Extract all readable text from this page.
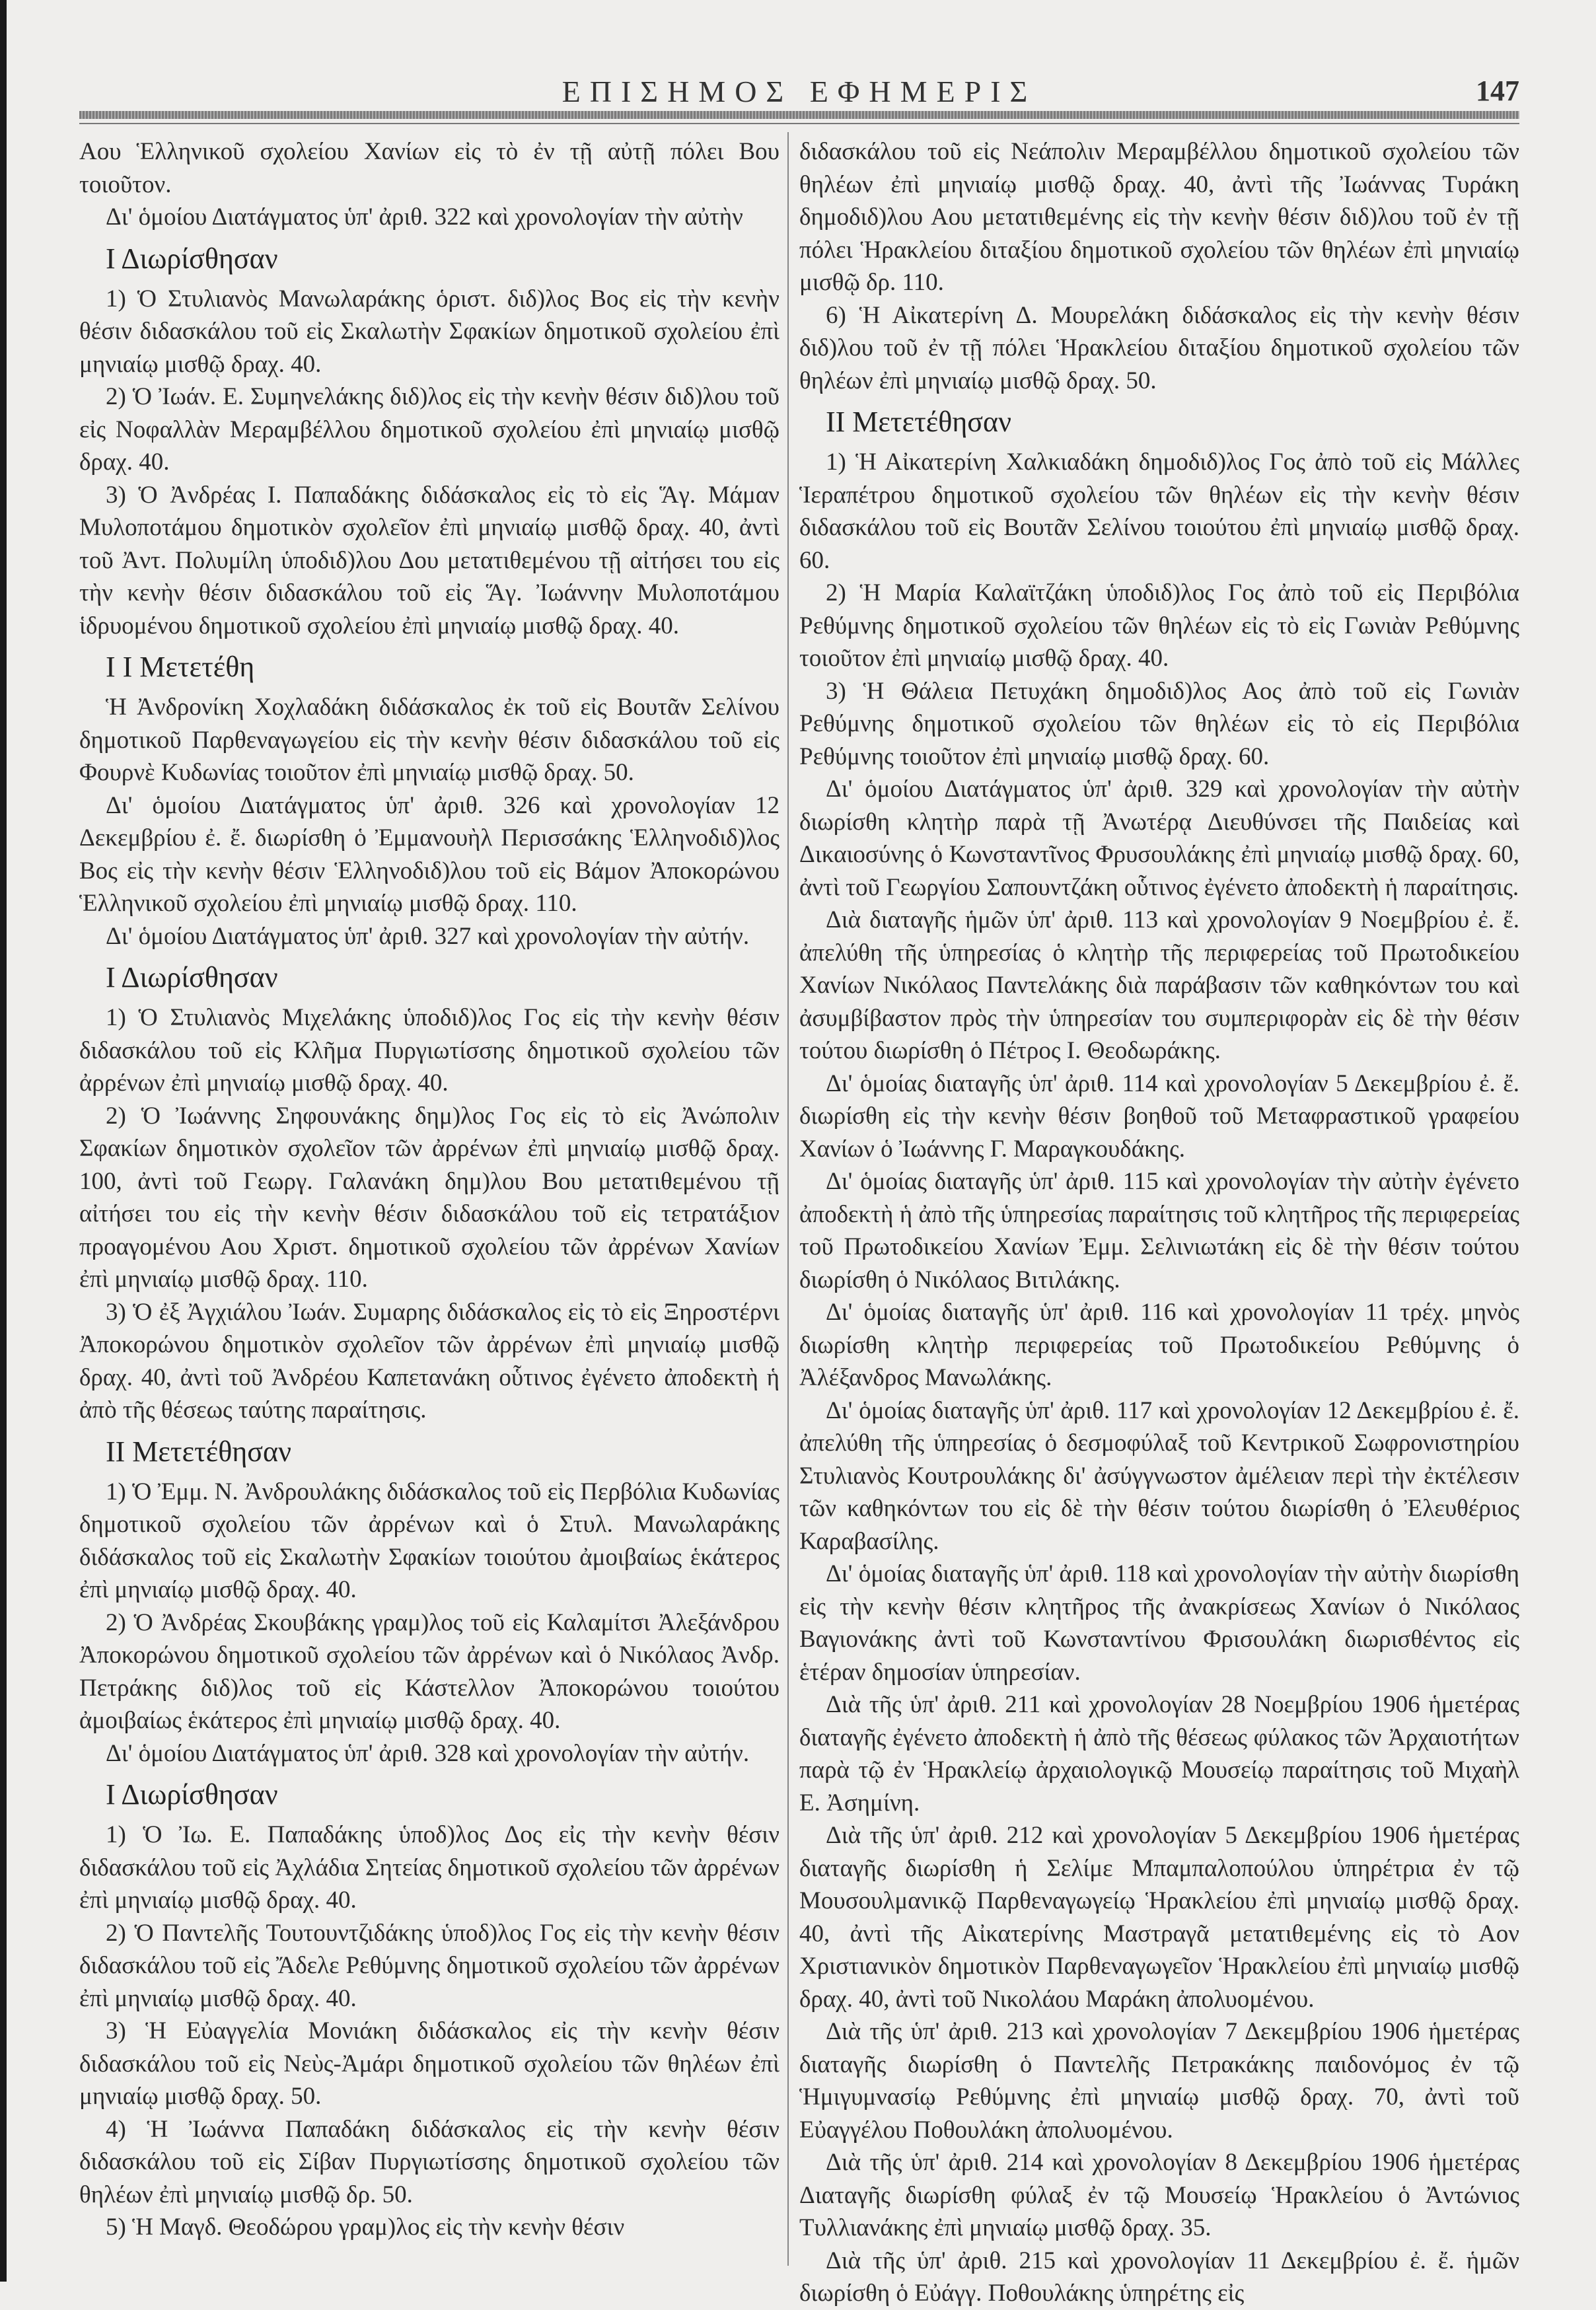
ΕΠΙΣΗΜΟΣ ΕΦΗΜΕΡΙΣ	147

Αου Ἑλληνικοῦ σχολείου Χανίων εἰς τὸ ἐν τῇ αὐτῇ πόλει Βου τοιοῦτον.

Δι' ὁμοίου Διατάγματος ὑπ' ἀριθ. 322 καὶ χρονολογίαν τὴν αὐτὴν

Ι Διωρίσθησαν

1) Ὁ Στυλιανὸς Μανωλαράκης ὁριστ. διδ)λος Βος εἰς τὴν κενὴν θέσιν διδασκάλου τοῦ εἰς Σκαλωτὴν Σφακίων δημοτικοῦ σχολείου ἐπὶ μηνιαίῳ μισθῷ δραχ. 40.

2) Ὁ Ἰωάν. Ε. Συμηνελάκης διδ)λος εἰς τὴν κενὴν θέσιν διδ)λου τοῦ εἰς Νοφαλλὰν Μεραμβέλλου δημοτικοῦ σχολείου ἐπὶ μηνιαίῳ μισθῷ δραχ. 40.

3) Ὁ Ἀνδρέας Ι. Παπαδάκης διδάσκαλος εἰς τὸ εἰς Ἅγ. Μάμαν Μυλοποτάμου δημοτικὸν σχολεῖον ἐπὶ μηνιαίῳ μισθῷ δραχ. 40, ἀντὶ τοῦ Ἀντ. Πολυμίλη ὑποδιδ)λου Δου μετατιθεμένου τῇ αἰτήσει του εἰς τὴν κενὴν θέσιν διδασκάλου τοῦ εἰς Ἅγ. Ἰωάννην Μυλοποτάμου ἱδρυομένου δημοτικοῦ σχολείου ἐπὶ μηνιαίῳ μισθῷ δραχ. 40.

Ι Ι Μετετέθη

Ἡ Ἀνδρονίκη Χοχλαδάκη διδάσκαλος ἐκ τοῦ εἰς Βουτᾶν Σελίνου δημοτικοῦ Παρθεναγωγείου εἰς τὴν κενὴν θέσιν διδασκάλου τοῦ εἰς Φουρνὲ Κυδωνίας τοιοῦτον ἐπὶ μηνιαίῳ μισθῷ δραχ. 50.

Δι' ὁμοίου Διατάγματος ὑπ' ἀριθ. 326 καὶ χρονολογίαν 12 Δεκεμβρίου ἐ. ἔ. διωρίσθη ὁ Ἐμμανουὴλ Περισσάκης Ἑλληνοδιδ)λος Βος εἰς τὴν κενὴν θέσιν Ἑλληνοδιδ)λου τοῦ εἰς Βάμον Ἀποκορώνου Ἑλληνικοῦ σχολείου ἐπὶ μηνιαίῳ μισθῷ δραχ. 110.

Δι' ὁμοίου Διατάγματος ὑπ' ἀριθ. 327 καὶ χρονολογίαν τὴν αὐτήν.

Ι Διωρίσθησαν

1) Ὁ Στυλιανὸς Μιχελάκης ὑποδιδ)λος Γος εἰς τὴν κενὴν θέσιν διδασκάλου τοῦ εἰς Κλῆμα Πυργιωτίσσης δημοτικοῦ σχολείου τῶν ἀρρένων ἐπὶ μηνιαίῳ μισθῷ δραχ. 40.

2) Ὁ Ἰωάννης Σηφουνάκης δημ)λος Γος εἰς τὸ εἰς Ἀνώπολιν Σφακίων δημοτικὸν σχολεῖον τῶν ἀρρένων ἐπὶ μηνιαίῳ μισθῷ δραχ. 100, ἀντὶ τοῦ Γεωργ. Γαλανάκη δημ)λου Βου μετατιθεμένου τῇ αἰτήσει του εἰς τὴν κενὴν θέσιν διδασκάλου τοῦ εἰς τετρατάξιον προαγομένου Αου Χριστ. δημοτικοῦ σχολείου τῶν ἀρρένων Χανίων ἐπὶ μηνιαίῳ μισθῷ δραχ. 110.

3) Ὁ ἐξ Ἀγχιάλου Ἰωάν. Συμαρης διδάσκαλος εἰς τὸ εἰς Ξηροστέρνι Ἀποκορώνου δημοτικὸν σχολεῖον τῶν ἀρρένων ἐπὶ μηνιαίῳ μισθῷ δραχ. 40, ἀντὶ τοῦ Ἀνδρέου Καπετανάκη οὗτινος ἐγένετο ἀποδεκτὴ ἡ ἀπὸ τῆς θέσεως ταύτης παραίτησις.

ΙΙ Μετετέθησαν

1) Ὁ Ἐμμ. Ν. Ἀνδρουλάκης διδάσκαλος τοῦ εἰς Περβόλια Κυδωνίας δημοτικοῦ σχολείου τῶν ἀρρένων καὶ ὁ Στυλ. Μανωλαράκης διδάσκαλος τοῦ εἰς Σκαλωτὴν Σφακίων τοιούτου ἀμοιβαίως ἑκάτερος ἐπὶ μηνιαίῳ μισθῷ δραχ. 40.

2) Ὁ Ἀνδρέας Σκουβάκης γραμ)λος τοῦ εἰς Καλαμίτσι Ἀλεξάνδρου Ἀποκορώνου δημοτικοῦ σχολείου τῶν ἀρρένων καὶ ὁ Νικόλαος Ἀνδρ. Πετράκης διδ)λος τοῦ εἰς Κάστελλον Ἀποκορώνου τοιούτου ἀμοιβαίως ἑκάτερος ἐπὶ μηνιαίῳ μισθῷ δραχ. 40.

Δι' ὁμοίου Διατάγματος ὑπ' ἀριθ. 328 καὶ χρονολογίαν τὴν αὐτήν.

Ι Διωρίσθησαν

1) Ὁ Ἰω. Ε. Παπαδάκης ὑποδ)λος Δος εἰς τὴν κενὴν θέσιν διδασκάλου τοῦ εἰς Ἀχλάδια Σητείας δημοτικοῦ σχολείου τῶν ἀρρένων ἐπὶ μηνιαίῳ μισθῷ δραχ. 40.

2) Ὁ Παντελῆς Τουτουντζιδάκης ὑποδ)λος Γος εἰς τὴν κενὴν θέσιν διδασκάλου τοῦ εἰς Ἄδελε Ρεθύμνης δημοτικοῦ σχολείου τῶν ἀρρένων ἐπὶ μηνιαίῳ μισθῷ δραχ. 40.

3) Ἡ Εὐαγγελία Μονιάκη διδάσκαλος εἰς τὴν κενὴν θέσιν διδασκάλου τοῦ εἰς Νεὺς-Ἀμάρι δημοτικοῦ σχολείου τῶν θηλέων ἐπὶ μηνιαίῳ μισθῷ δραχ. 50.

4) Ἡ Ἰωάννα Παπαδάκη διδάσκαλος εἰς τὴν κενὴν θέσιν διδασκάλου τοῦ εἰς Σίβαν Πυργιωτίσσης δημοτικοῦ σχολείου τῶν θηλέων ἐπὶ μηνιαίῳ μισθῷ δρ. 50.

5) Ἡ Μαγδ. Θεοδώρου γραμ)λος εἰς τὴν κενὴν θέσιν

διδασκάλου τοῦ εἰς Νεάπολιν Μεραμβέλλου δημοτικοῦ σχολείου τῶν θηλέων ἐπὶ μηνιαίῳ μισθῷ δραχ. 40, ἀντὶ τῆς Ἰωάννας Τυράκη δημοδιδ)λου Αου μετατιθεμένης εἰς τὴν κενὴν θέσιν διδ)λου τοῦ ἐν τῇ πόλει Ἡρακλείου διταξίου δημοτικοῦ σχολείου τῶν θηλέων ἐπὶ μηνιαίῳ μισθῷ δρ. 110.

6) Ἡ Αἰκατερίνη Δ. Μουρελάκη διδάσκαλος εἰς τὴν κενὴν θέσιν διδ)λου τοῦ ἐν τῇ πόλει Ἡρακλείου διταξίου δημοτικοῦ σχολείου τῶν θηλέων ἐπὶ μηνιαίῳ μισθῷ δραχ. 50.

ΙΙ Μετετέθησαν

1) Ἡ Αἰκατερίνη Χαλκιαδάκη δημοδιδ)λος Γος ἀπὸ τοῦ εἰς Μάλλες Ἱεραπέτρου δημοτικοῦ σχολείου τῶν θηλέων εἰς τὴν κενὴν θέσιν διδασκάλου τοῦ εἰς Βουτᾶν Σελίνου τοιούτου ἐπὶ μηνιαίῳ μισθῷ δραχ. 60.

2) Ἡ Μαρία Καλαϊτζάκη ὑποδιδ)λος Γος ἀπὸ τοῦ εἰς Περιβόλια Ρεθύμνης δημοτικοῦ σχολείου τῶν θηλέων εἰς τὸ εἰς Γωνιὰν Ρεθύμνης τοιοῦτον ἐπὶ μηνιαίῳ μισθῷ δραχ. 40.

3) Ἡ Θάλεια Πετυχάκη δημοδιδ)λος Αος ἀπὸ τοῦ εἰς Γωνιὰν Ρεθύμνης δημοτικοῦ σχολείου τῶν θηλέων εἰς τὸ εἰς Περιβόλια Ρεθύμνης τοιοῦτον ἐπὶ μηνιαίῳ μισθῷ δραχ. 60.

Δι' ὁμοίου Διατάγματος ὑπ' ἀριθ. 329 καὶ χρονολογίαν τὴν αὐτὴν διωρίσθη κλητὴρ παρὰ τῇ Ἀνωτέρᾳ Διευθύνσει τῆς Παιδείας καὶ Δικαιοσύνης ὁ Κωνσταντῖνος Φρυσουλάκης ἐπὶ μηνιαίῳ μισθῷ δραχ. 60, ἀντὶ τοῦ Γεωργίου Σαπουντζάκη οὗτινος ἐγένετο ἀποδεκτὴ ἡ παραίτησις.

Διὰ διαταγῆς ἡμῶν ὑπ' ἀριθ. 113 καὶ χρονολογίαν 9 Νοεμβρίου ἐ. ἔ. ἀπελύθη τῆς ὑπηρεσίας ὁ κλητὴρ τῆς περιφερείας τοῦ Πρωτοδικείου Χανίων Νικόλαος Παντελάκης διὰ παράβασιν τῶν καθηκόντων του καὶ ἀσυμβίβαστον πρὸς τὴν ὑπηρεσίαν του συμπεριφορὰν εἰς δὲ τὴν θέσιν τούτου διωρίσθη ὁ Πέτρος Ι. Θεοδωράκης.

Δι' ὁμοίας διαταγῆς ὑπ' ἀριθ. 114 καὶ χρονολογίαν 5 Δεκεμβρίου ἐ. ἔ. διωρίσθη εἰς τὴν κενὴν θέσιν βοηθοῦ τοῦ Μεταφραστικοῦ γραφείου Χανίων ὁ Ἰωάννης Γ. Μαραγκουδάκης.

Δι' ὁμοίας διαταγῆς ὑπ' ἀριθ. 115 καὶ χρονολογίαν τὴν αὐτὴν ἐγένετο ἀποδεκτὴ ἡ ἀπὸ τῆς ὑπηρεσίας παραίτησις τοῦ κλητῆρος τῆς περιφερείας τοῦ Πρωτοδικείου Χανίων Ἐμμ. Σελινιωτάκη εἰς δὲ τὴν θέσιν τούτου διωρίσθη ὁ Νικόλαος Βιτιλάκης.

Δι' ὁμοίας διαταγῆς ὑπ' ἀριθ. 116 καὶ χρονολογίαν 11 τρέχ. μηνὸς διωρίσθη κλητὴρ περιφερείας τοῦ Πρωτοδικείου Ρεθύμνης ὁ Ἀλέξανδρος Μανωλάκης.

Δι' ὁμοίας διαταγῆς ὑπ' ἀριθ. 117 καὶ χρονολογίαν 12 Δεκεμβρίου ἐ. ἔ. ἀπελύθη τῆς ὑπηρεσίας ὁ δεσμοφύλαξ τοῦ Κεντρικοῦ Σωφρονιστηρίου Στυλιανὸς Κουτρουλάκης δι' ἀσύγγνωστον ἀμέλειαν περὶ τὴν ἐκτέλεσιν τῶν καθηκόντων του εἰς δὲ τὴν θέσιν τούτου διωρίσθη ὁ Ἐλευθέριος Καραβασίλης.

Δι' ὁμοίας διαταγῆς ὑπ' ἀριθ. 118 καὶ χρονολογίαν τὴν αὐτὴν διωρίσθη εἰς τὴν κενὴν θέσιν κλητῆρος τῆς ἀνακρίσεως Χανίων ὁ Νικόλαος Βαγιονάκης ἀντὶ τοῦ Κωνσταντίνου Φρισουλάκη διωρισθέντος εἰς ἑτέραν δημοσίαν ὑπηρεσίαν.

Διὰ τῆς ὑπ' ἀριθ. 211 καὶ χρονολογίαν 28 Νοεμβρίου 1906 ἡμετέρας διαταγῆς ἐγένετο ἀποδεκτὴ ἡ ἀπὸ τῆς θέσεως φύλακος τῶν Ἀρχαιοτήτων παρὰ τῷ ἐν Ἡρακλείῳ ἀρχαιολογικῷ Μουσείῳ παραίτησις τοῦ Μιχαὴλ Ε. Ἀσημίνη.

Διὰ τῆς ὑπ' ἀριθ. 212 καὶ χρονολογίαν 5 Δεκεμβρίου 1906 ἡμετέρας διαταγῆς διωρίσθη ἡ Σελίμε Μπαμπαλοπούλου ὑπηρέτρια ἐν τῷ Μουσουλμανικῷ Παρθεναγωγείῳ Ἡρακλείου ἐπὶ μηνιαίῳ μισθῷ δραχ. 40, ἀντὶ τῆς Αἰκατερίνης Μαστραγᾶ μετατιθεμένης εἰς τὸ Αον Χριστιανικὸν δημοτικὸν Παρθεναγωγεῖον Ἡρακλείου ἐπὶ μηνιαίῳ μισθῷ δραχ. 40, ἀντὶ τοῦ Νικολάου Μαράκη ἀπολυομένου.

Διὰ τῆς ὑπ' ἀριθ. 213 καὶ χρονολογίαν 7 Δεκεμβρίου 1906 ἡμετέρας διαταγῆς διωρίσθη ὁ Παντελῆς Πετρακάκης παιδονόμος ἐν τῷ Ἡμιγυμνασίῳ Ρεθύμνης ἐπὶ μηνιαίῳ μισθῷ δραχ. 70, ἀντὶ τοῦ Εὐαγγέλου Ποθουλάκη ἀπολυομένου.

Διὰ τῆς ὑπ' ἀριθ. 214 καὶ χρονολογίαν 8 Δεκεμβρίου 1906 ἡμετέρας Διαταγῆς διωρίσθη φύλαξ ἐν τῷ Μουσείῳ Ἡρακλείου ὁ Ἀντώνιος Τυλλιανάκης ἐπὶ μηνιαίῳ μισθῷ δραχ. 35.

Διὰ τῆς ὑπ' ἀριθ. 215 καὶ χρονολογίαν 11 Δεκεμβρίου ἐ. ἔ. ἡμῶν διωρίσθη ὁ Εὐάγγ. Ποθουλάκης ὑπηρέτης εἰς
